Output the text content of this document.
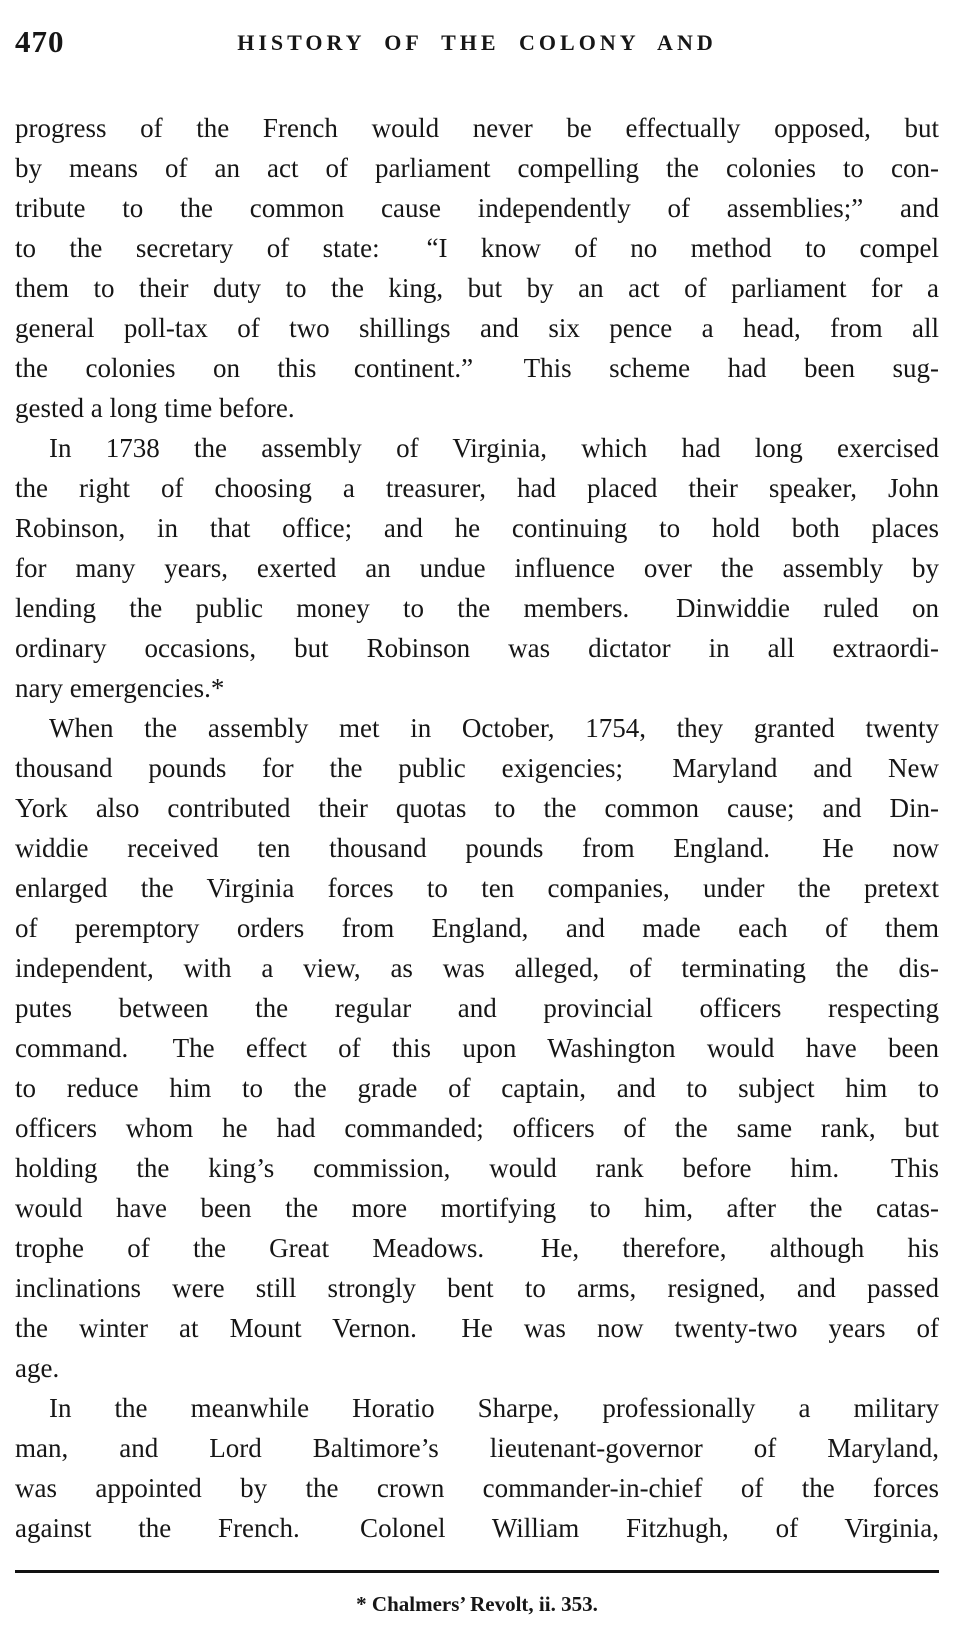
470	HISTORY OF THE COLONY AND
progress of the French would never be effectually opposed, but
by means of an act of parliament compelling the colonies to con-
tribute to the common cause independently of assemblies;” and
to the secretary of state:  “I know of no method to compel
them to their duty to the king, but by an act of parliament for a
general poll-tax of two shillings and six pence a head, from all
the colonies on this continent.”  This scheme had been sug-
gested a long time before.
In 1738 the assembly of Virginia, which had long exercised
the right of choosing a treasurer, had placed their speaker, John
Robinson, in that office; and he continuing to hold both places
for many years, exerted an undue influence over the assembly by
lending the public money to the members.  Dinwiddie ruled on
ordinary occasions, but Robinson was dictator in all extraordi-
nary emergencies.*
When the assembly met in October, 1754, they granted twenty
thousand pounds for the public exigencies;  Maryland and New
York also contributed their quotas to the common cause; and Din-
widdie received ten thousand pounds from England.  He now
enlarged the Virginia forces to ten companies, under the pretext
of peremptory orders from England, and made each of them
independent, with a view, as was alleged, of terminating the dis-
putes between the regular and provincial officers respecting
command.  The effect of this upon Washington would have been
to reduce him to the grade of captain, and to subject him to
officers whom he had commanded; officers of the same rank, but
holding the king’s commission, would rank before him.  This
would have been the more mortifying to him, after the catas-
trophe of the Great Meadows.  He, therefore, although his
inclinations were still strongly bent to arms, resigned, and passed
the winter at Mount Vernon.  He was now twenty-two years of
age.
In the meanwhile Horatio Sharpe, professionally a military
man, and Lord Baltimore’s lieutenant-governor of Maryland,
was appointed by the crown commander-in-chief of the forces
against the French.  Colonel William Fitzhugh, of Virginia,
* Chalmers’ Revolt, ii. 353.
